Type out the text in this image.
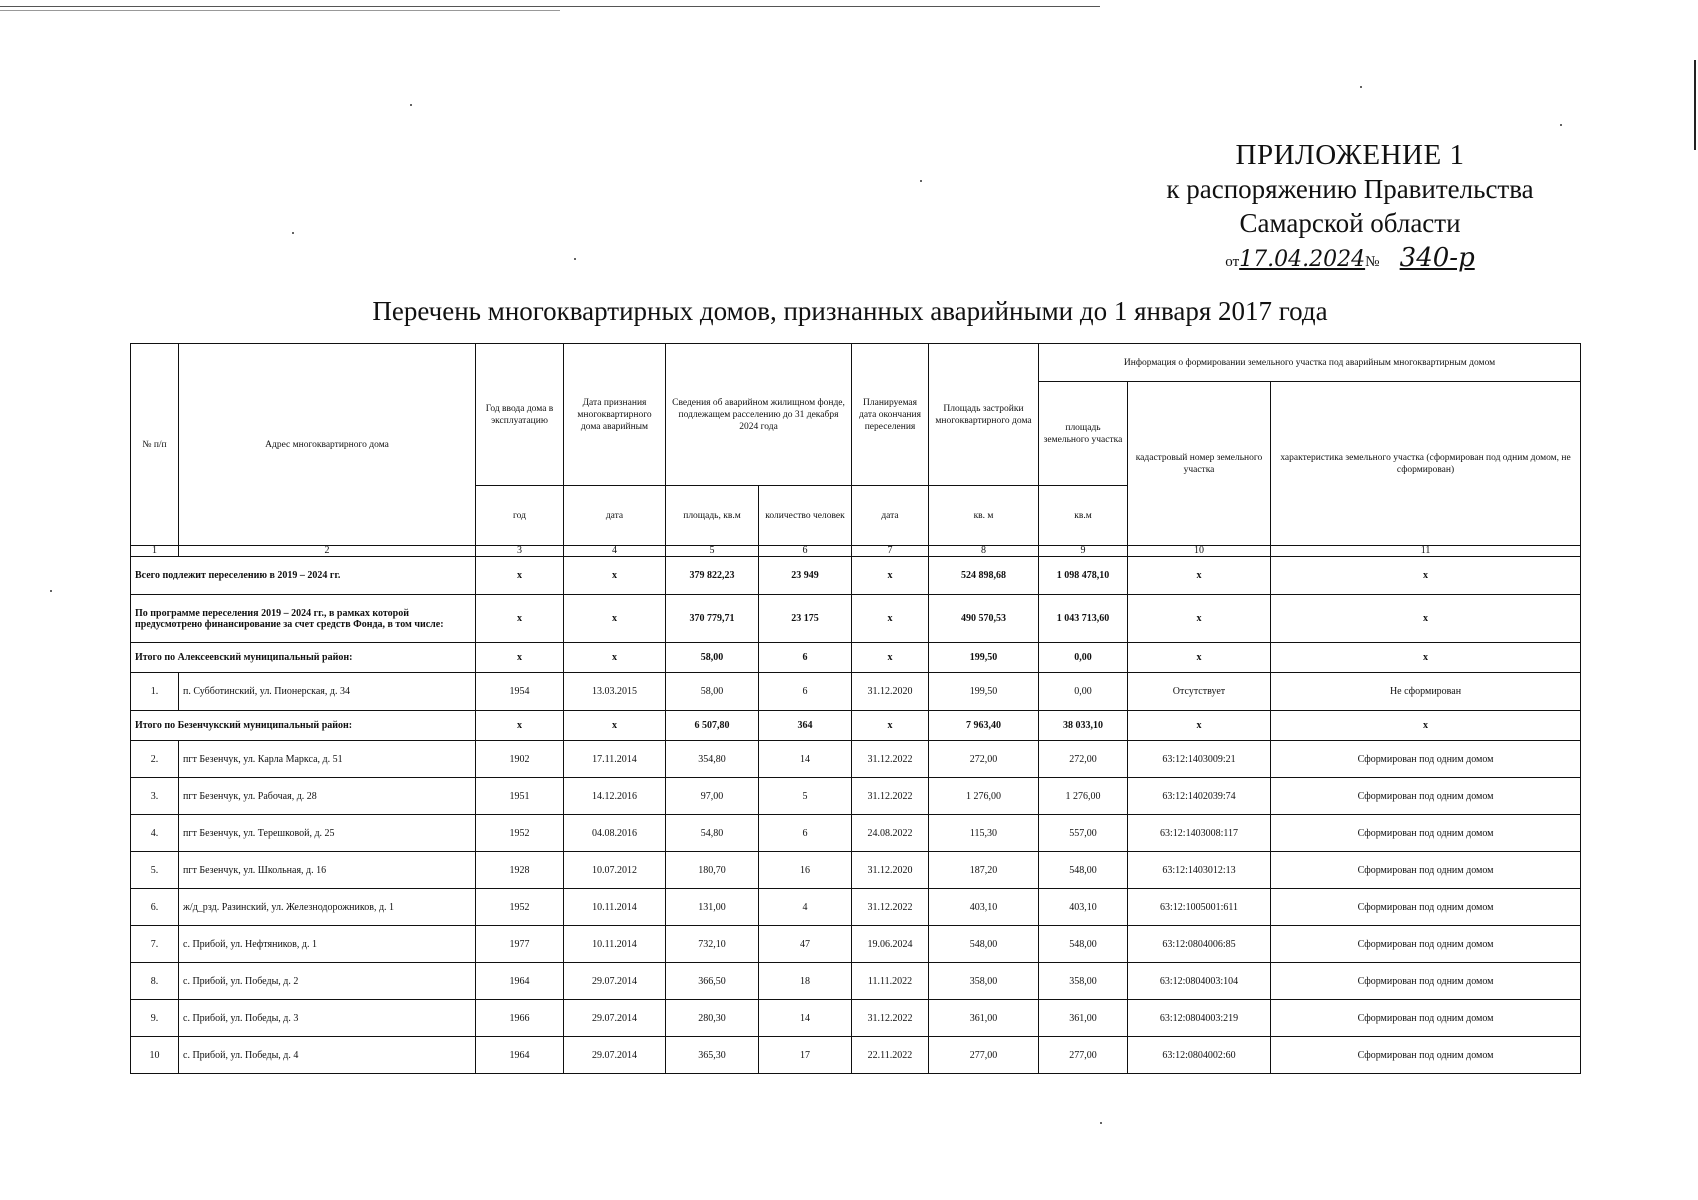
ПРИЛОЖЕНИЕ 1
к распоряжению Правительства
Самарской области
от17.04.2024№ 340-р
Перечень многоквартирных домов, признанных аварийными до 1 января 2017 года
№ п/п	Адрес многоквартирного дома	Год ввода дома в эксплуатацию	Дата признания многоквартирного дома аварийным	Сведения об аварийном жилищном фонде, подлежащем расселению до 31 декабря 2024 года		Планируемая дата окончания переселения	Площадь застройки многоквартирного дома	Информация о формировании земельного участка под аварийным многоквартирным домом		
								площадь земельного участка	кадастровый номер земельного участка	характеристика земельного участка (сформирован под одним домом, не сформирован)
		год	дата	площадь, кв.м	количество человек	дата	кв. м	кв.м		
1	2	3	4	5	6	7	8	9	10	11
Всего подлежит переселению в 2019 – 2024 гг.		x	x	379 822,23	23 949	x	524 898,68	1 098 478,10	x	x
По программе переселения 2019 – 2024 гг., в рамках которой предусмотрено финансирование за счет средств Фонда, в том числе:		x	x	370 779,71	23 175	x	490 570,53	1 043 713,60	x	x
Итого по Алексеевский муниципальный район:		x	x	58,00	6	x	199,50	0,00	x	x
1.	п. Субботинский, ул. Пионерская, д. 34	1954	13.03.2015	58,00	6	31.12.2020	199,50	0,00	Отсутствует	Не сформирован
Итого по Безенчукский муниципальный район:		x	x	6 507,80	364	x	7 963,40	38 033,10	x	x
2.	пгт Безенчук, ул. Карла Маркса, д. 51	1902	17.11.2014	354,80	14	31.12.2022	272,00	272,00	63:12:1403009:21	Сформирован под одним домом
3.	пгт Безенчук, ул. Рабочая, д. 28	1951	14.12.2016	97,00	5	31.12.2022	1 276,00	1 276,00	63:12:1402039:74	Сформирован под одним домом
4.	пгт Безенчук, ул. Терешковой, д. 25	1952	04.08.2016	54,80	6	24.08.2022	115,30	557,00	63:12:1403008:117	Сформирован под одним домом
5.	пгт Безенчук, ул. Школьная, д. 16	1928	10.07.2012	180,70	16	31.12.2020	187,20	548,00	63:12:1403012:13	Сформирован под одним домом
6.	ж/д_рзд. Разинский, ул. Железнодорожников, д. 1	1952	10.11.2014	131,00	4	31.12.2022	403,10	403,10	63:12:1005001:611	Сформирован под одним домом
7.	с. Прибой, ул. Нефтяников, д. 1	1977	10.11.2014	732,10	47	19.06.2024	548,00	548,00	63:12:0804006:85	Сформирован под одним домом
8.	с. Прибой, ул. Победы, д. 2	1964	29.07.2014	366,50	18	11.11.2022	358,00	358,00	63:12:0804003:104	Сформирован под одним домом
9.	с. Прибой, ул. Победы, д. 3	1966	29.07.2014	280,30	14	31.12.2022	361,00	361,00	63:12:0804003:219	Сформирован под одним домом
10	с. Прибой, ул. Победы, д. 4	1964	29.07.2014	365,30	17	22.11.2022	277,00	277,00	63:12:0804002:60	Сформирован под одним домом
